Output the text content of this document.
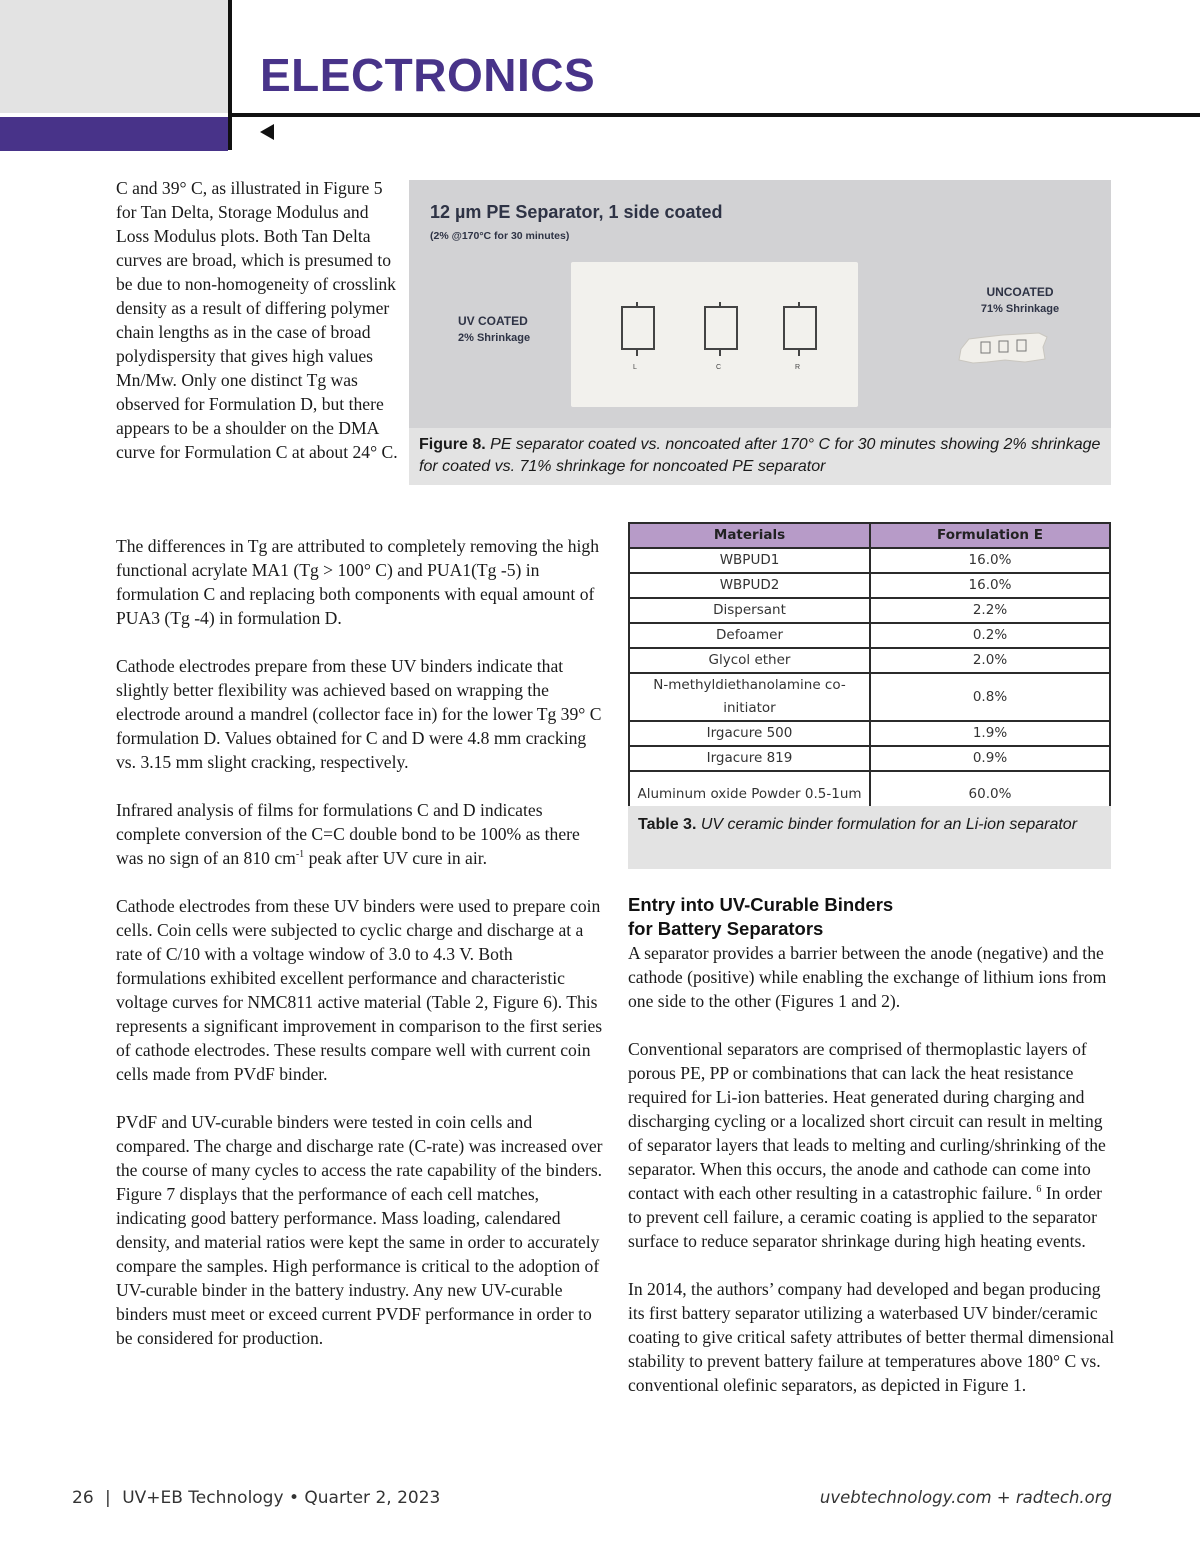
ELECTRONICS

C and 39° C, as illustrated in Figure 5 for Tan Delta, Storage Modulus and Loss Modulus plots. Both Tan Delta curves are broad, which is presumed to be due to non-homogeneity of crosslink density as a result of differing polymer chain lengths as in the case of broad polydispersity that gives high values Mn/Mw. Only one distinct Tg was observed for Formulation D, but there appears to be a shoulder on the DMA curve for Formulation C at about 24° C.

The differences in Tg are attributed to completely removing the high functional acrylate MA1 (Tg > 100° C) and PUA1(Tg -5) in formulation C and replacing both components with equal amount of PUA3 (Tg -4) in formulation D.

Cathode electrodes prepare from these UV binders indicate that slightly better flexibility was achieved based on wrapping the electrode around a mandrel (collector face in) for the lower Tg 39° C formulation D. Values obtained for C and D were 4.8 mm cracking vs. 3.15 mm slight cracking, respectively.

Infrared analysis of films for formulations C and D indicates complete conversion of the C=C double bond to be 100% as there was no sign of an 810 $cm^{-1}$ peak after UV cure in air.

Cathode electrodes from these UV binders were used to prepare coin cells. Coin cells were subjected to cyclic charge and discharge at a rate of C/10 with a voltage window of 3.0 to 4.3 V. Both formulations exhibited excellent performance and characteristic voltage curves for NMC811 active material (Table 2, Figure 6). This represents a significant improvement in comparison to the first series of cathode electrodes. These results compare well with current coin cells made from PVdF binder.

PVdF and UV-curable binders were tested in coin cells and compared. The charge and discharge rate (C-rate) was increased over the course of many cycles to access the rate capability of the binders. Figure 7 displays that the performance of each cell matches, indicating good battery performance. Mass loading, calendared density, and material ratios were kept the same in order to accurately compare the samples. High performance is critical to the adoption of UV-curable binder in the battery industry. Any new UV-curable binders must meet or exceed current PVDF performance in order to be considered for production.

12 µm PE Separator, 1 side coated
(2% @170°C for 30 minutes)
UV COATED
2% Shrinkage
L	C	R
UNCOATED
71% Shrinkage
Figure 8. PE separator coated vs. noncoated after 170° C for 30 minutes showing 2% shrinkage for coated vs. 71% shrinkage for noncoated PE separator
Materials	Formulation E
WBPUD1	16.0%
WBPUD2	16.0%
Dispersant	2.2%
Defoamer	0.2%
Glycol ether	2.0%
N-methyldiethanolamine co-initiator	0.8%
Irgacure 500	1.9%
Irgacure 819	0.9%
Aluminum oxide Powder 0.5-1um	60.0%
Table 3. UV ceramic binder formulation for an Li-ion separator
Entry into UV-Curable Binders
for Battery Separators

A separator provides a barrier between the anode (negative) and the cathode (positive) while enabling the exchange of lithium ions from one side to the other (Figures 1 and 2).

Conventional separators are comprised of thermoplastic layers of porous PE, PP or combinations that can lack the heat resistance required for Li-ion batteries. Heat generated during charging and discharging cycling or a localized short circuit can result in melting of separator layers that leads to melting and curling/shrinking of the separator. When this occurs, the anode and cathode can come into contact with each other resulting in a catastrophic failure. $^6$ In order to prevent cell failure, a ceramic coating is applied to the separator surface to reduce separator shrinkage during high heating events.

In 2014, the authors’ company had developed and began producing its first battery separator utilizing a waterbased UV binder/ceramic coating to give critical safety attributes of better thermal dimensional stability to prevent battery failure at temperatures above 180° C vs. conventional olefinic separators, as depicted in Figure 1.

26 | UV+EB Technology • Quarter 2, 2023	uvebtechnology.com + radtech.org
